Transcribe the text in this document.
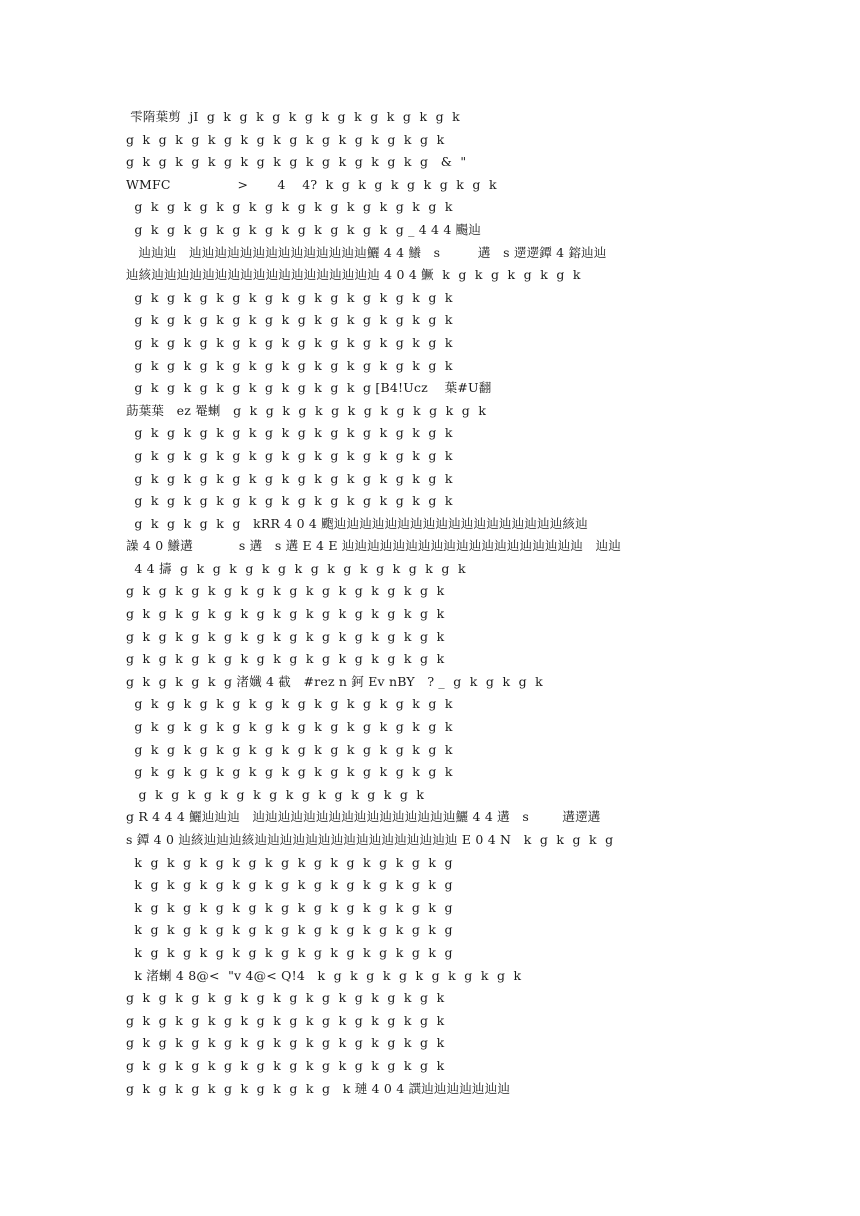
雫隋葉剪  jI  g  k  g  k  g  k  g  k  g  k  g  k  g  k  g  k
g  k  g  k  g  k  g  k  g  k  g  k  g  k  g  k  g  k  g  k
g  k  g  k  g  k  g  k  g  k  g  k  g  k  g  k  g  k  g   &  "
WMFC                >       4    4?  k  g  k  g  k  g  k  g  k  g  k
g  k  g  k  g  k  g  k  g  k  g  k  g  k  g  k  g  k  g  k
g  k  g  k  g  k  g  k  g  k  g  k  g  k  g  k  g _ 4 4 4 颺辿
辿辿辿   辿辿辿辿辿辿辿辿辿辿辿辿辿辿鱺 4 4 鱶   s         遘   s 遻遻鐔 4 鎔辿辿
辿絯辿辿辿辿辿辿辿辿辿辿辿辿辿辿辿辿辿辿 4 0 4 鱖  k  g  k  g  k  g  k  g  k
g  k  g  k  g  k  g  k  g  k  g  k  g  k  g  k  g  k  g  k
g  k  g  k  g  k  g  k  g  k  g  k  g  k  g  k  g  k  g  k
g  k  g  k  g  k  g  k  g  k  g  k  g  k  g  k  g  k  g  k
g  k  g  k  g  k  g  k  g  k  g  k  g  k  g  k  g  k  g  k
g  k  g  k  g  k  g  k  g  k  g  k  g  k  g [B4!Ucz    葉#U翻
莇葉葉   ez 罨蝲   g  k  g  k  g  k  g  k  g  k  g  k  g  k  g  k
g  k  g  k  g  k  g  k  g  k  g  k  g  k  g  k  g  k  g  k
g  k  g  k  g  k  g  k  g  k  g  k  g  k  g  k  g  k  g  k
g  k  g  k  g  k  g  k  g  k  g  k  g  k  g  k  g  k  g  k
g  k  g  k  g  k  g  k  g  k  g  k  g  k  g  k  g  k  g  k
g  k  g  k  g  k  g   kRR 4 0 4 颮辿辿辿辿辿辿辿辿辿辿辿辿辿辿辿辿辿辿絯辿
譟 4 0 鱶遘           s 遘   s 遘 E 4 E 辿辿辿辿辿辿辿辿辿辿辿辿辿辿辿辿辿辿辿   辿辿
4 4 擣  g  k  g  k  g  k  g  k  g  k  g  k  g  k  g  k  g  k
g  k  g  k  g  k  g  k  g  k  g  k  g  k  g  k  g  k  g  k
g  k  g  k  g  k  g  k  g  k  g  k  g  k  g  k  g  k  g  k
g  k  g  k  g  k  g  k  g  k  g  k  g  k  g  k  g  k  g  k
g  k  g  k  g  k  g  k  g  k  g  k  g  k  g  k  g  k  g  k
g  k  g  k  g  k  g 渚孅 4 截   #rez n 鈳 Ev nBY   ? _  g  k  g  k  g  k
g  k  g  k  g  k  g  k  g  k  g  k  g  k  g  k  g  k  g  k
g  k  g  k  g  k  g  k  g  k  g  k  g  k  g  k  g  k  g  k
g  k  g  k  g  k  g  k  g  k  g  k  g  k  g  k  g  k  g  k
g  k  g  k  g  k  g  k  g  k  g  k  g  k  g  k  g  k  g  k
g  k  g  k  g  k  g  k  g  k  g  k  g  k  g  k  g  k
g R 4 4 4 鱺辿辿辿   辿辿辿辿辿辿辿辿辿辿辿辿辿辿辿辿鱺 4 4 遘   s        遘遻遘
s 鐔 4 0 辿絯辿辿辿絯辿辿辿辿辿辿辿辿辿辿辿辿辿辿辿辿 E 0 4 N   k  g  k  g  k  g
k  g  k  g  k  g  k  g  k  g  k  g  k  g  k  g  k  g  k  g
k  g  k  g  k  g  k  g  k  g  k  g  k  g  k  g  k  g  k  g
k  g  k  g  k  g  k  g  k  g  k  g  k  g  k  g  k  g  k  g
k  g  k  g  k  g  k  g  k  g  k  g  k  g  k  g  k  g  k  g
k  g  k  g  k  g  k  g  k  g  k  g  k  g  k  g  k  g  k  g
k 渚蝲 4 8@<  "v 4@< Q!4   k  g  k  g  k  g  k  g  k  g  k  g  k
g  k  g  k  g  k  g  k  g  k  g  k  g  k  g  k  g  k  g  k
g  k  g  k  g  k  g  k  g  k  g  k  g  k  g  k  g  k  g  k
g  k  g  k  g  k  g  k  g  k  g  k  g  k  g  k  g  k  g  k
g  k  g  k  g  k  g  k  g  k  g  k  g  k  g  k  g  k  g  k
g  k  g  k  g  k  g  k  g  k  g  k  g   k 璉 4 0 4 譔辿辿辿辿辿辿辿
